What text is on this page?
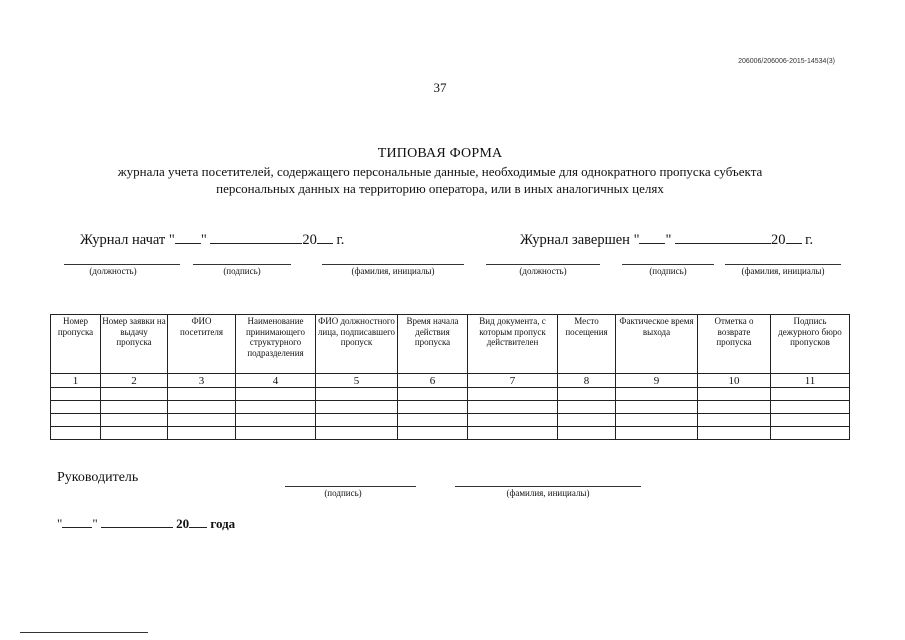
206006/206006-2015-14534(3)
37
ТИПОВАЯ ФОРМА
журнала учета посетителей, содержащего персональные данные, необходимые для однократного пропуска субъекта
персональных данных на территорию оператора, или в иных аналогичных целях
Журнал начат " "	20 г.	Журнал завершен " "	20 г.
(должность)	(подпись)	(фамилия, инициалы)	(должность)	(подпись)	(фамилия, инициалы)
Номер пропуска	Номер заявки на выдачу пропуска	ФИО посетителя	Наименование принимающего структурного подразделения	ФИО должностного лица, подписавшего пропуск	Время начала действия пропуска	Вид документа, с которым пропуск действителен	Место посещения	Фактическое время выхода	Отметка о возврате пропуска	Подпись дежурного бюро пропусков
1	2	3	4	5	6	7	8	9	10	11

Руководитель
(подпись)	(фамилия, инициалы)
" "	20 года
